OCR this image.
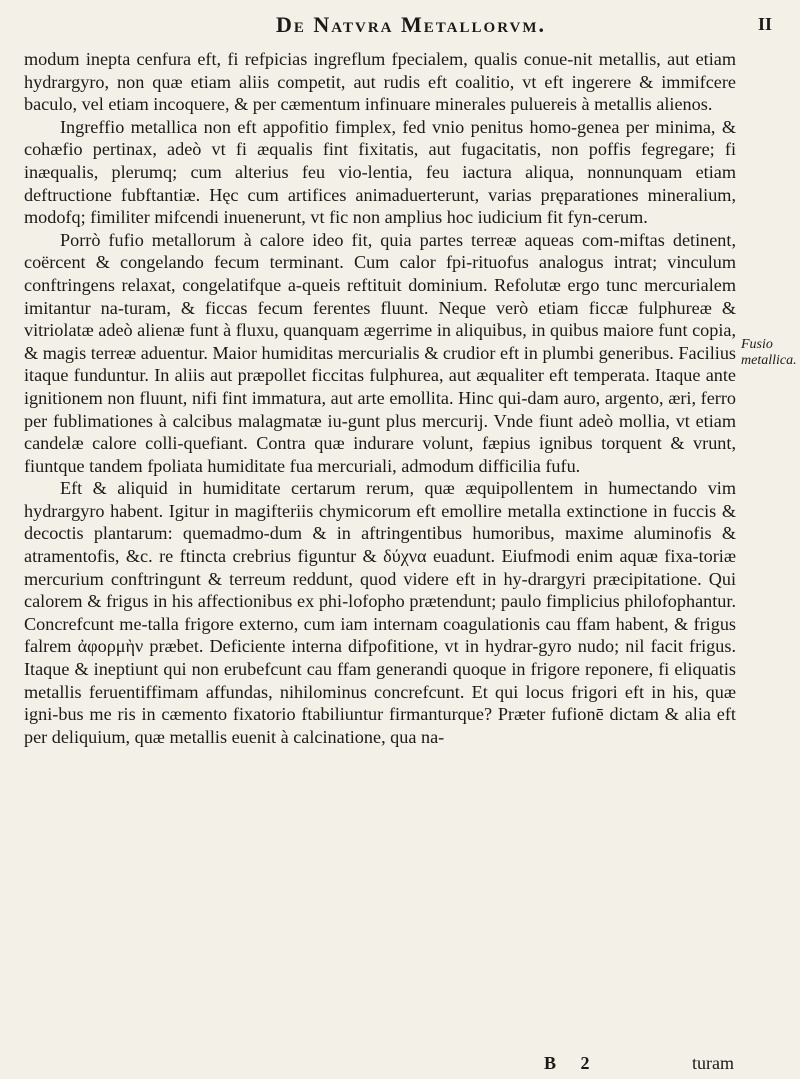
De Natvra Metallorvm.	II

modum inepta cenfura eft, fi refpicias ingreflum fpecialem, qualis conue-nit metallis, aut etiam hydrargyro, non quæ etiam aliis competit, aut rudis eft coalitio, vt eft ingerere & immifcere baculo, vel etiam incoquere, & per cæmentum infinuare minerales puluereis à metallis alienos.

Ingreffio metallica non eft appofitio fimplex, fed vnio penitus homo-genea per minima, & cohæfio pertinax, adeò vt fi æqualis fint fixitatis, aut fugacitatis, non poffis fegregare; fi inæqualis, plerumq; cum alterius feu vio-lentia, feu iactura aliqua, nonnunquam etiam deftructione fubftantiæ. Hęc cum artifices animaduerterunt, varias pręparationes mineralium, modofq; fimiliter mifcendi inuenerunt, vt fic non amplius hoc iudicium fit fyn-cerum.

Porrò fufio metallorum à calore ideo fit, quia partes terreæ aqueas com-miftas detinent, coërcent & congelando fecum terminant. Cum calor fpi-rituofus analogus intrat; vinculum conftringens relaxat, congelatifque a-queis reftituit dominium. Refolutæ ergo tunc mercurialem imitantur na-turam, & ficcas fecum ferentes fluunt. Neque verò etiam ficcæ fulphureæ & vitriolatæ adeò alienæ funt à fluxu, quanquam ægerrime in aliquibus, in quibus maiore funt copia, & magis terreæ aduentur. Maior humiditas mercurialis & crudior eft in plumbi generibus. Facilius itaque funduntur. In aliis aut præpollet ficcitas fulphurea, aut æqualiter eft temperata. Itaque ante ignitionem non fluunt, nifi fint immatura, aut arte emollita. Hinc qui-dam auro, argento, æri, ferro per fublimationes à calcibus malagmatæ iu-gunt plus mercurij. Vnde fiunt adeò mollia, vt etiam candelæ calore colli-quefiant. Contra quæ indurare volunt, fæpius ignibus torquent & vrunt, fiuntque tandem fpoliata humiditate fua mercuriali, admodum difficilia fufu.

Eft & aliquid in humiditate certarum rerum, quæ æquipollentem in humectando vim hydrargyro habent. Igitur in magifteriis chymicorum eft emollire metalla extinctione in fuccis & decoctis plantarum: quemadmo-dum & in aftringentibus humoribus, maxime aluminofis & atramentofis, &c. re ftincta crebrius figuntur & δύχνα euadunt. Eiufmodi enim aquæ fixa-toriæ mercurium conftringunt & terreum reddunt, quod videre eft in hy-drargyri præcipitatione. Qui calorem & frigus in his affectionibus ex phi-lofopho prætendunt; paulo fimplicius philofophantur. Concrefcunt me-talla frigore externo, cum iam internam coagulationis cau ffam habent, & frigus falrem ἀφορμὴν præbet. Deficiente interna difpofitione, vt in hydrar-gyro nudo; nil facit frigus. Itaque & ineptiunt qui non erubefcunt cau ffam generandi quoque in frigore reponere, fi eliquatis metallis feruentiffimam affundas, nihilominus concrefcunt. Et qui locus frigori eft in his, quæ igni-bus me ris in cæmento fixatorio ftabiliuntur firmanturque? Præter fufionē dictam & alia eft per deliquium, quæ metallis euenit à calcinatione, qua na-

Fusio metallica.
B 2	turam
